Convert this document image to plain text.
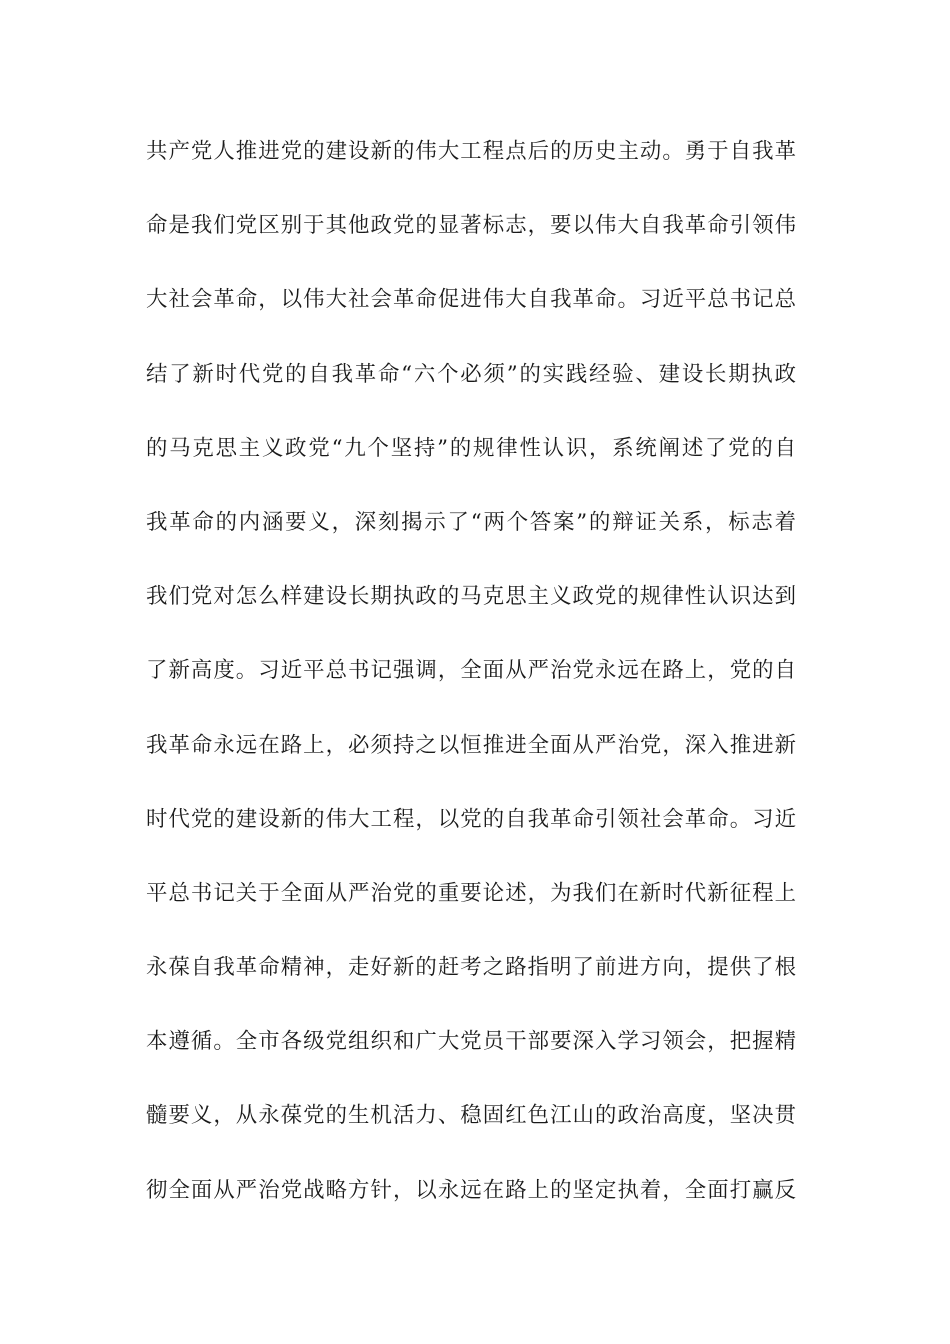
共产党人推进党的建设新的伟大工程点后的历史主动。勇于自我革
命是我们党区别于其他政党的显著标志，要以伟大自我革命引领伟
大社会革命，以伟大社会革命促进伟大自我革命。习近平总书记总
结了新时代党的自我革命“六个必须”的实践经验、建设长期执政
的马克思主义政党“九个坚持”的规律性认识，系统阐述了党的自
我革命的内涵要义，深刻揭示了“两个答案”的辩证关系，标志着
我们党对怎么样建设长期执政的马克思主义政党的规律性认识达到
了新高度。习近平总书记强调，全面从严治党永远在路上，党的自
我革命永远在路上，必须持之以恒推进全面从严治党，深入推进新
时代党的建设新的伟大工程，以党的自我革命引领社会革命。习近
平总书记关于全面从严治党的重要论述，为我们在新时代新征程上
永葆自我革命精神，走好新的赶考之路指明了前进方向，提供了根
本遵循。全市各级党组织和广大党员干部要深入学习领会，把握精
髓要义，从永葆党的生机活力、稳固红色江山的政治高度，坚决贯
彻全面从严治党战略方针，以永远在路上的坚定执着，全面打赢反
